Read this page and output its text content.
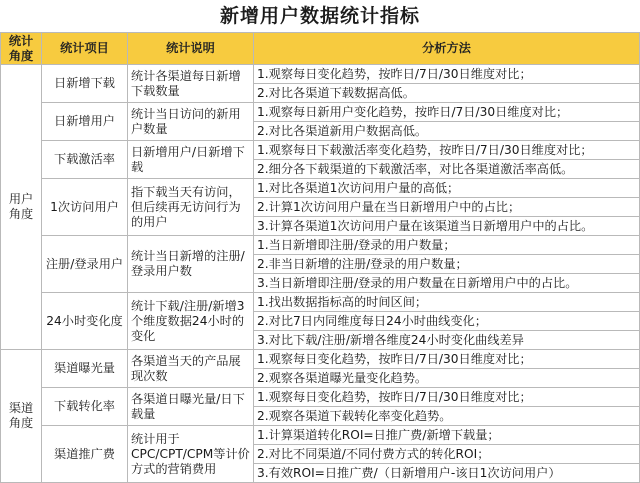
新增用户数据统计指标
统计
角度	统计项目	统计说明	分析方法
用户
角度	日新增下载	统计各渠道每日新增下载数量	1.观察每日变化趋势，按昨日/7日/30日维度对比；
			2.对比各渠道下载数据高低。
	日新增用户	统计当日访问的新用户数量	1.观察每日新用户变化趋势，按昨日/7日/30日维度对比；
			2.对比各渠道新用户数据高低。
	下载激活率	日新增用户/日新增下载	1.观察每日下载激活率变化趋势，按昨日/7日/30日维度对比；
			2.细分各下载渠道的下载激活率，对比各渠道激活率高低。
	1次访问用户	指下载当天有访问，但后续再无访问行为的用户	1.对比各渠道1次访问用户量的高低；
			2.计算1次访问用户量在当日新增用户中的占比；
			3.计算各渠道1次访问用户量在该渠道当日新增用户中的占比。
	注册/登录用户	统计当日新增的注册/登录用户数	1.当日新增即注册/登录的用户数量；
			2.非当日新增的注册/登录的用户数量；
			3.当日新增即注册/登录的用户数量在日新增用户中的占比。
	24小时变化度	统计下载/注册/新增3个维度数据24小时的变化	1.找出数据指标高的时间区间；
			2.对比7日内同维度每日24小时曲线变化；
			3.对比下载/注册/新增各维度24小时变化曲线差异
渠道
角度	渠道曝光量	各渠道当天的产品展现次数	1.观察每日变化趋势，按昨日/7日/30日维度对比；
			2.观察各渠道曝光量变化趋势。
	下载转化率	各渠道日曝光量/日下载量	1.观察每日变化趋势，按昨日/7日/30日维度对比；
			2.观察各渠道下载转化率变化趋势。
	渠道推广费	统计用于CPC/CPT/CPM等计价方式的营销费用	1.计算渠道转化ROI=日推广费/新增下载量；
			2.对比不同渠道/不同付费方式的转化ROI；
			3.有效ROI=日推广费/（日新增用户-该日1次访问用户）
